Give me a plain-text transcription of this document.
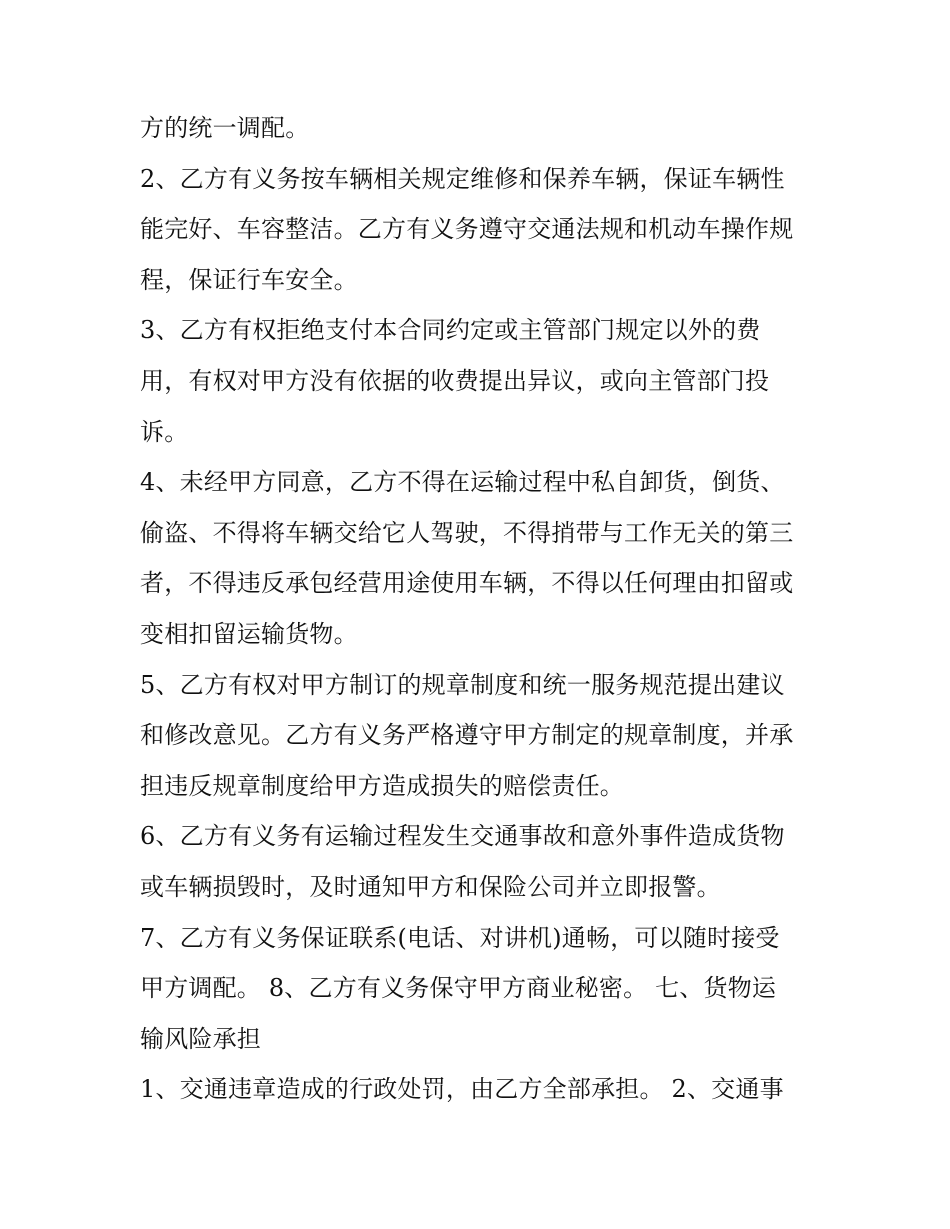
方的统一调配。
2、乙方有义务按车辆相关规定维修和保养车辆，保证车辆性
能完好、车容整洁。乙方有义务遵守交通法规和机动车操作规
程，保证行车安全。
3、乙方有权拒绝支付本合同约定或主管部门规定以外的费
用，有权对甲方没有依据的收费提出异议，或向主管部门投
诉。
4、未经甲方同意，乙方不得在运输过程中私自卸货，倒货、
偷盗、不得将车辆交给它人驾驶，不得捎带与工作无关的第三
者，不得违反承包经营用途使用车辆，不得以任何理由扣留或
变相扣留运输货物。
5、乙方有权对甲方制订的规章制度和统一服务规范提出建议
和修改意见。乙方有义务严格遵守甲方制定的规章制度，并承
担违反规章制度给甲方造成损失的赔偿责任。
6、乙方有义务有运输过程发生交通事故和意外事件造成货物
或车辆损毁时，及时通知甲方和保险公司并立即报警。
7、乙方有义务保证联系(电话、对讲机)通畅，可以随时接受
甲方调配。 8、乙方有义务保守甲方商业秘密。 七、货物运
输风险承担
1、交通违章造成的行政处罚，由乙方全部承担。 2、交通事
